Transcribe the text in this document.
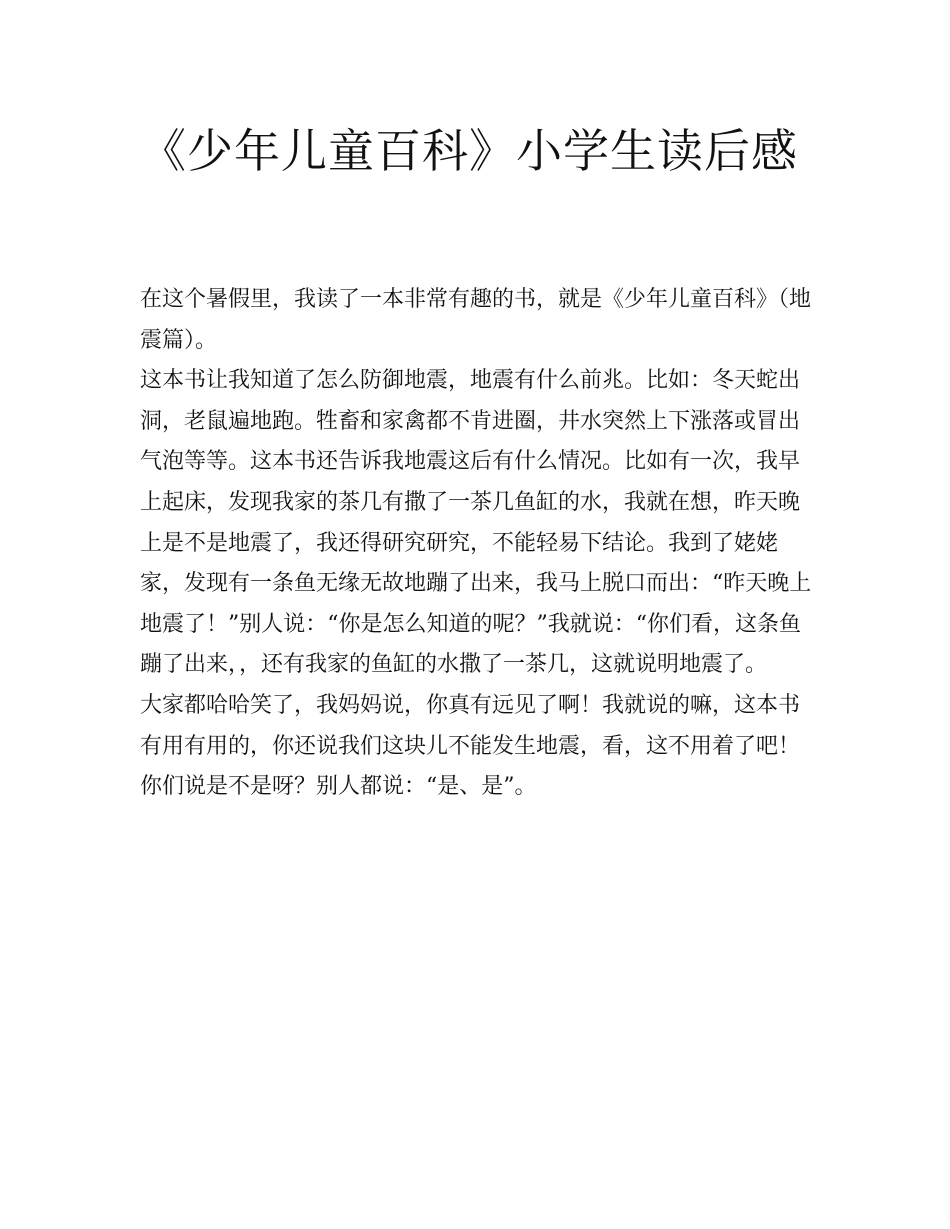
《少年儿童百科》小学生读后感

在这个暑假里，我读了一本非常有趣的书，就是《少年儿童百科》（地震篇）。

这本书让我知道了怎么防御地震，地震有什么前兆。比如：冬天蛇出洞，老鼠遍地跑。牲畜和家禽都不肯进圈，井水突然上下涨落或冒出气泡等等。这本书还告诉我地震这后有什么情况。比如有一次，我早上起床，发现我家的茶几有撒了一茶几鱼缸的水，我就在想，昨天晚上是不是地震了，我还得研究研究，不能轻易下结论。我到了姥姥家，发现有一条鱼无缘无故地蹦了出来，我马上脱口而出：“昨天晚上地震了！”别人说：“你是怎么知道的呢？”我就说：“你们看，这条鱼蹦了出来，，还有我家的鱼缸的水撒了一茶几，这就说明地震了。

大家都哈哈笑了，我妈妈说，你真有远见了啊！我就说的嘛，这本书有用有用的，你还说我们这块儿不能发生地震，看，这不用着了吧！你们说是不是呀？别人都说：“是、是”。
